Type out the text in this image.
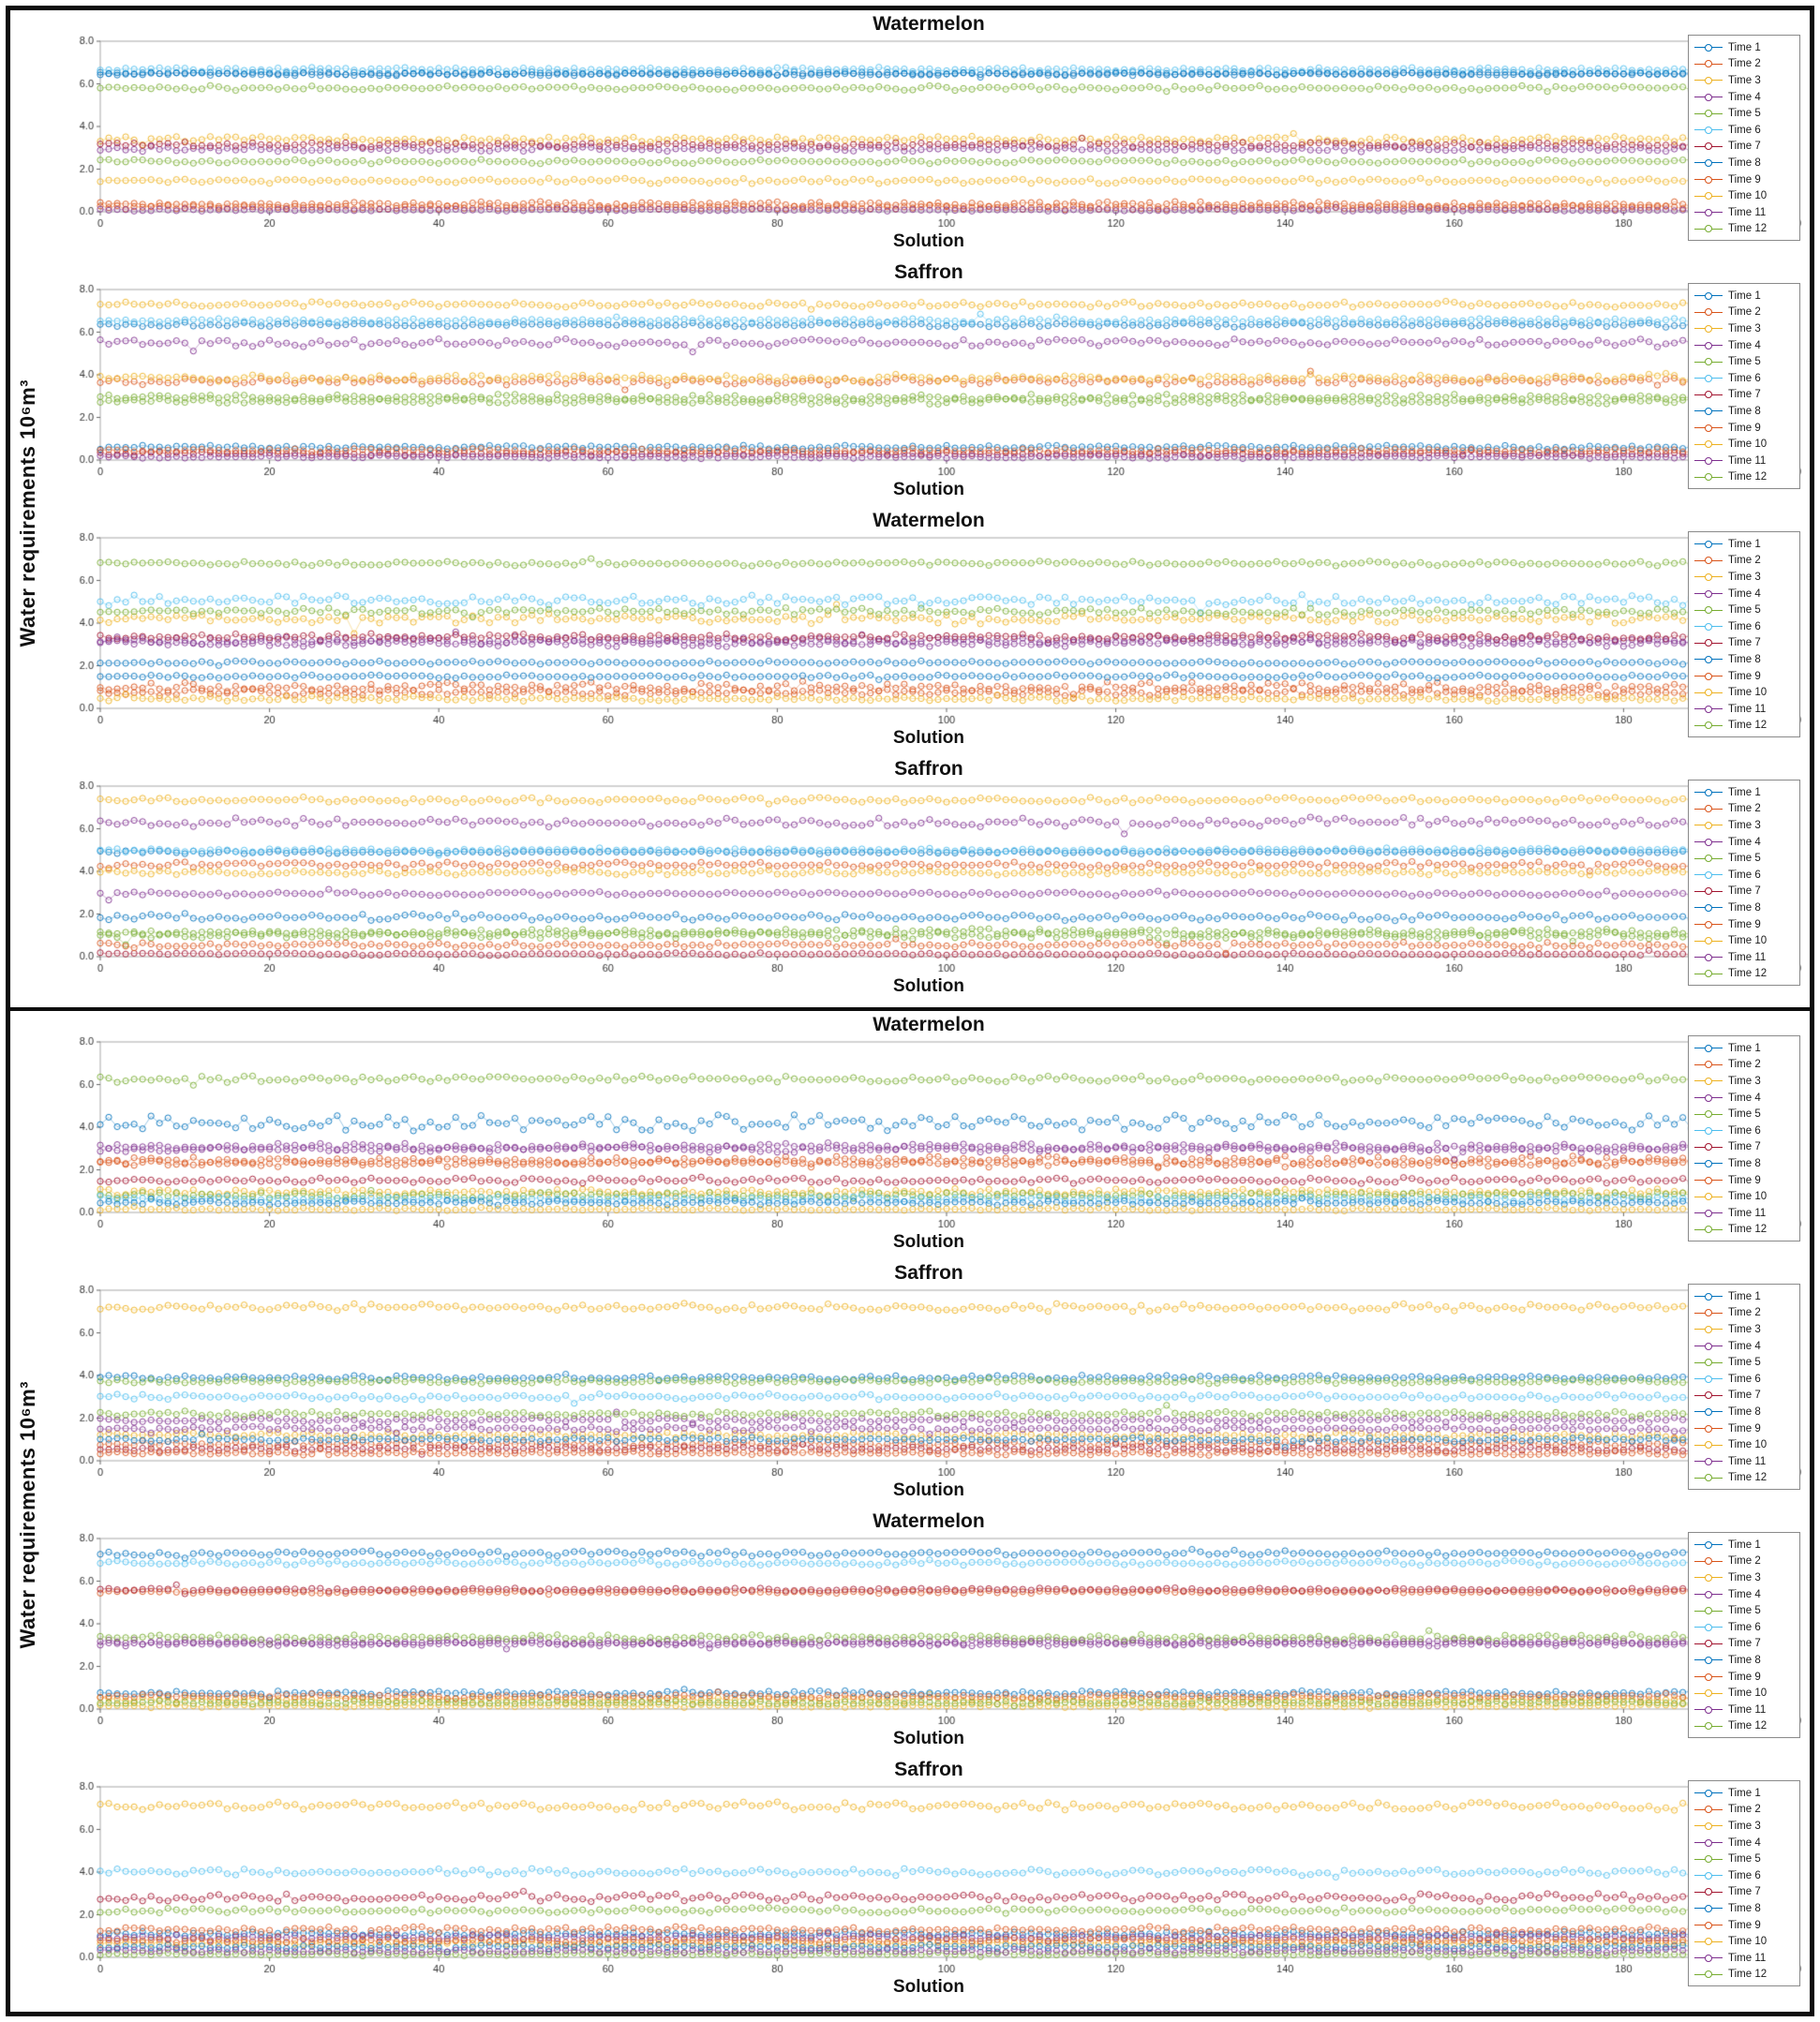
Water requirements 10⁶m³
Watermelon
Solution
Time 1
Time 2
Time 3
Time 4
Time 5
Time 6
Time 7
Time 8
Time 9
Time 10
Time 11
Time 12
Saffron
Solution
Time 1
Time 2
Time 3
Time 4
Time 5
Time 6
Time 7
Time 8
Time 9
Time 10
Time 11
Time 12
Watermelon
Solution
Time 1
Time 2
Time 3
Time 4
Time 5
Time 6
Time 7
Time 8
Time 9
Time 10
Time 11
Time 12
Saffron
Solution
Time 1
Time 2
Time 3
Time 4
Time 5
Time 6
Time 7
Time 8
Time 9
Time 10
Time 11
Time 12
Water requirements 10⁶m³
Watermelon
Solution
Time 1
Time 2
Time 3
Time 4
Time 5
Time 6
Time 7
Time 8
Time 9
Time 10
Time 11
Time 12
Saffron
Solution
Time 1
Time 2
Time 3
Time 4
Time 5
Time 6
Time 7
Time 8
Time 9
Time 10
Time 11
Time 12
Watermelon
Solution
Time 1
Time 2
Time 3
Time 4
Time 5
Time 6
Time 7
Time 8
Time 9
Time 10
Time 11
Time 12
Saffron
Solution
Time 1
Time 2
Time 3
Time 4
Time 5
Time 6
Time 7
Time 8
Time 9
Time 10
Time 11
Time 12
